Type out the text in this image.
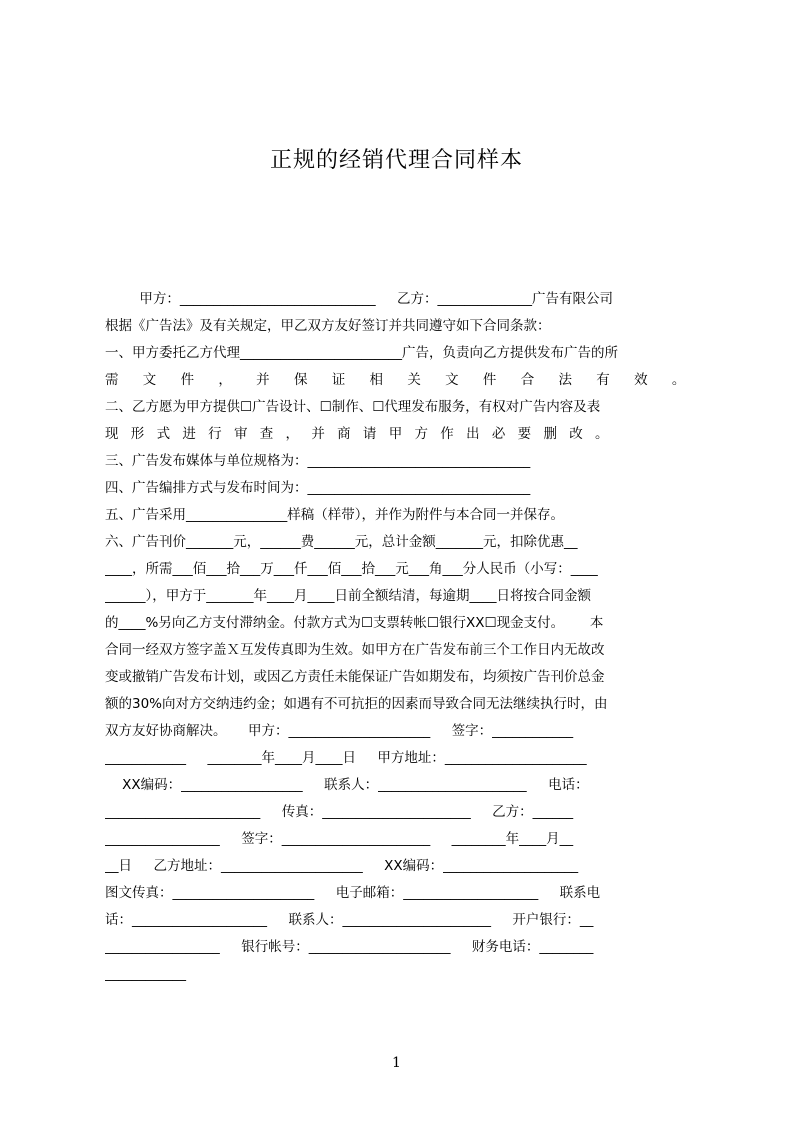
正规的经销代理合同样本
甲方：_____________________________     乙方：______________广告有限公司
根据《广告法》及有关规定，甲乙双方友好签订并共同遵守如下合同条款：
一、甲方委托乙方代理________________________广告，负责向乙方提供发布广告的所
需 文 件 ， 并 保 证 相 关 文 件 合 法 有 效 。
二、乙方愿为甲方提供☐广告设计、☐制作、☐代理发布服务，有权对广告内容及表
现 形 式 进 行 审 查 ， 并 商 请 甲 方 作 出 必 要 删 改 。
三、广告发布媒体与单位规格为：_________________________________
四、广告编排方式与发布时间为：_________________________________
五、广告采用_______________样稿（样带），并作为附件与本合同一并保存。
六、广告刊价_______元，______费______元，总计金额_______元，扣除优惠__
____，所需___佰___拾___万___仟___佰___拾___元___角___分人民币（小写：____
______），甲方于_______年____月____日前全额结清，每逾期____日将按合同金额
的____%另向乙方支付滞纳金。付款方式为☐支票转帐☐银行XX☐现金支付。      本
合同一经双方签字盖Ｘ互发传真即为生效。如甲方在广告发布前三个工作日内无故改
变或撤销广告发布计划，或因乙方责任未能保证广告如期发布，均须按广告刊价总金
额的30%向对方交纳违约金；如遇有不可抗拒的因素而导致合同无法继续执行时，由
双方友好协商解决。     甲方：_____________________     签字：____________
____________     ________年____月____日     甲方地址：_____________________
XX编码：__________________     联系人：______________________     电话：
_______________________     传真：______________________     乙方：______
_________________     签字：______________________     ________年____月__
__日     乙方地址：_____________________     XX编码：____________________
图文传真：_____________________     电子邮箱：____________________     联系电
话：____________________     联系人：______________________     开户银行：__
_________________     银行帐号：_____________________     财务电话：________
____________
1
